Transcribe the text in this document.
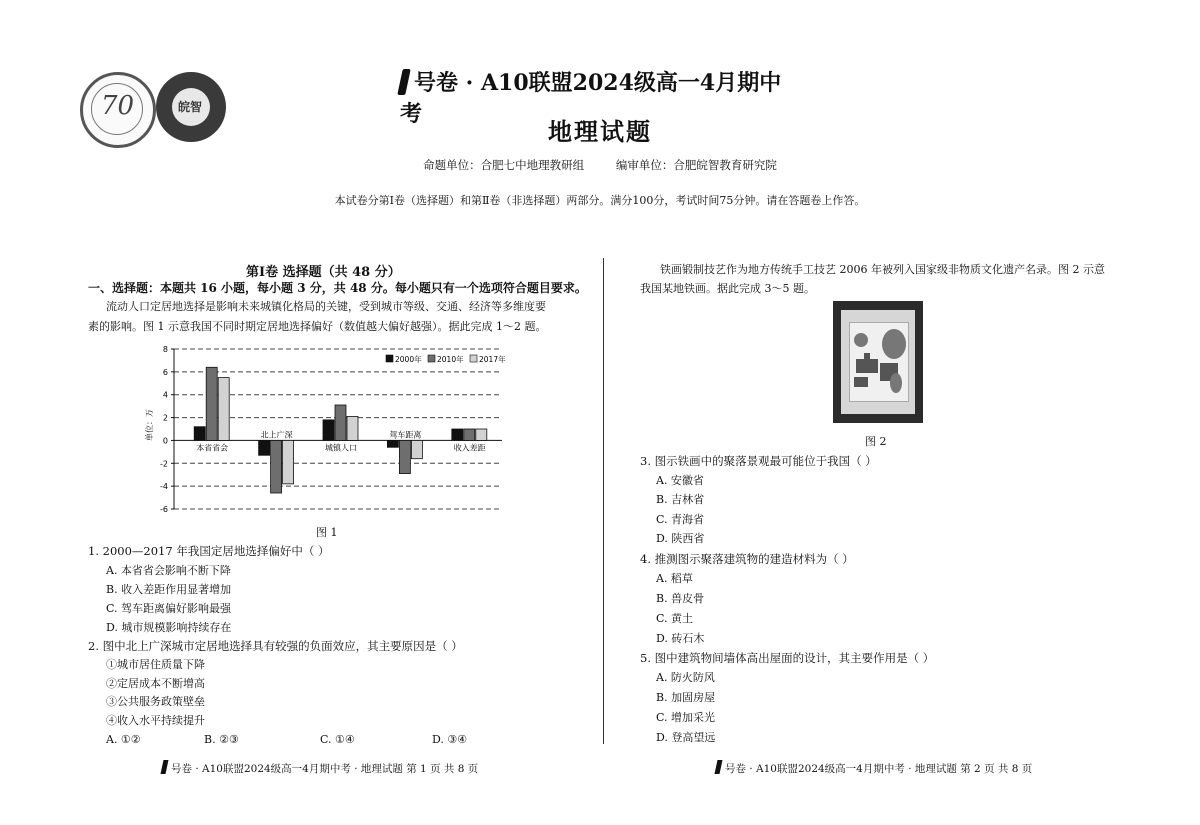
70	皖智
号卷 · A10联盟2024级高一4月期中考
地理试题
命题单位：合肥七中地理教研组	编审单位：合肥皖智教育研究院
本试卷分第Ⅰ卷（选择题）和第Ⅱ卷（非选择题）两部分。满分100分，考试时间75分钟。请在答题卷上作答。
第Ⅰ卷 选择题（共 48 分）
一、选择题：本题共 16 小题，每小题 3 分，共 48 分。每小题只有一个选项符合题目要求。
流动人口定居地选择是影响未来城镇化格局的关键，受到城市等级、交通、经济等多维度要
素的影响。图 1 示意我国不同时期定居地选择偏好（数值越大偏好越强）。据此完成 1～2 题。
8
6
4
2
0
-2
-4
-6
单位：万
本省省会
北上广深
城镇人口
驾车距离
收入差距
2000年 2010年 2017年
图 1
1. 2000—2017 年我国定居地选择偏好中（ ）
A. 本省省会影响不断下降
B. 收入差距作用显著增加
C. 驾车距离偏好影响最强
D. 城市规模影响持续存在
2. 图中北上广深城市定居地选择具有较强的负面效应，其主要原因是（ ）
①城市居住质量下降
②定居成本不断增高
③公共服务政策壁垒
④收入水平持续提升
A. ①②	B. ②③	C. ①④	D. ③④
铁画锻制技艺作为地方传统手工技艺 2006 年被列入国家级非物质文化遗产名录。图 2 示意
我国某地铁画。据此完成 3～5 题。
图 2
3. 图示铁画中的聚落景观最可能位于我国（ ）
A. 安徽省
B. 吉林省
C. 青海省
D. 陕西省
4. 推测图示聚落建筑物的建造材料为（ ）
A. 稻草
B. 兽皮骨
C. 黄土
D. 砖石木
5. 图中建筑物间墙体高出屋面的设计，其主要作用是（ ）
A. 防火防风
B. 加固房屋
C. 增加采光
D. 登高望远
号卷 · A10联盟2024级高一4月期中考 · 地理试题 第 1 页 共 8 页	号卷 · A10联盟2024级高一4月期中考 · 地理试题 第 2 页 共 8 页
